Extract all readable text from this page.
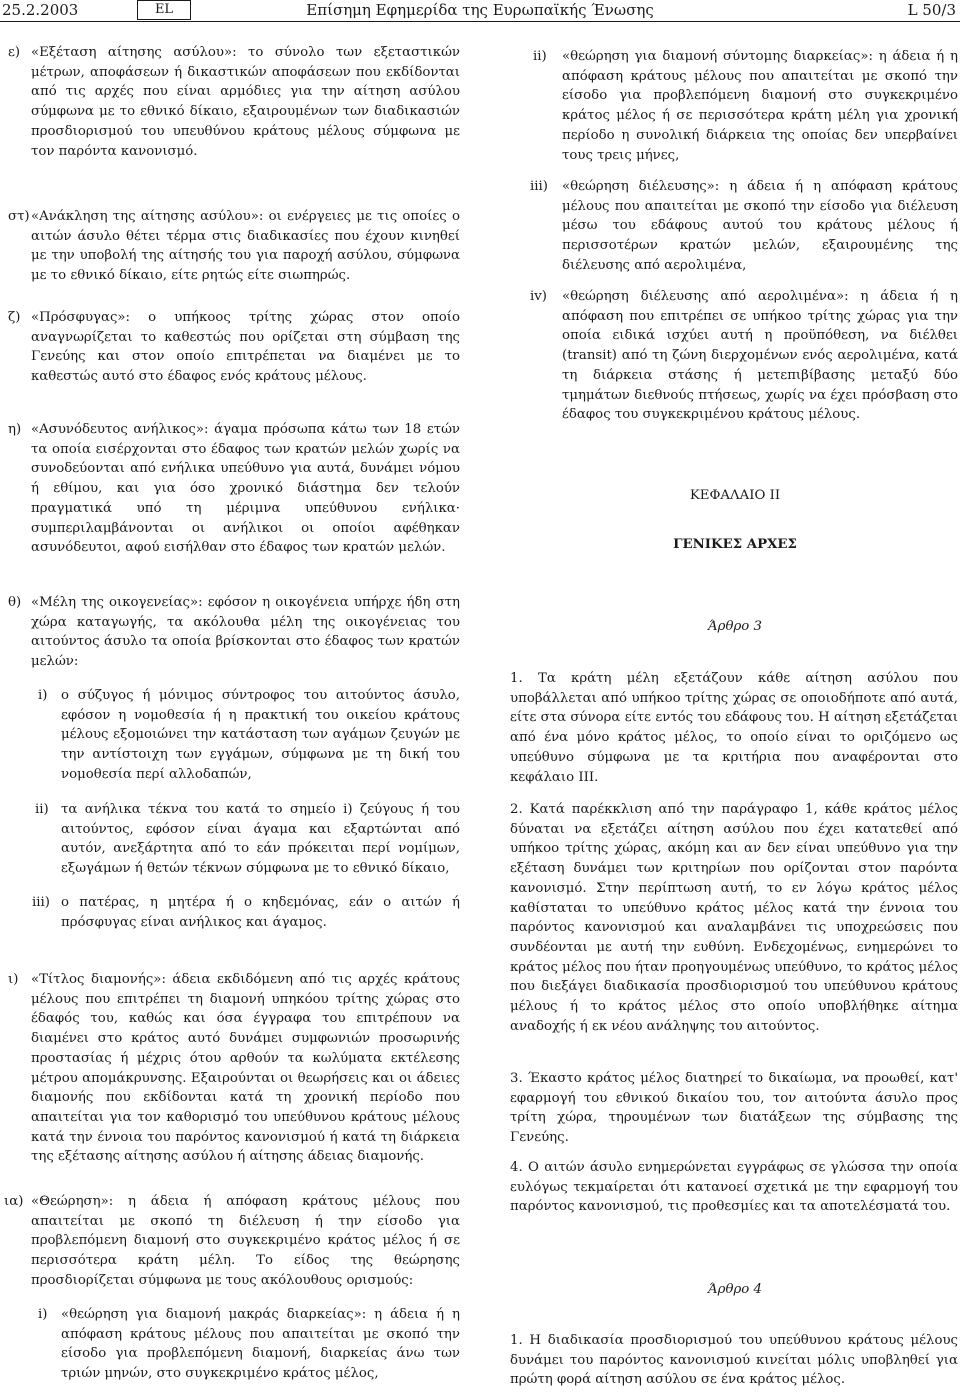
25.2.2003	EL	Επίσημη Εφημερίδα της Ευρωπαϊκής Ένωσης	L 50/3
ε) «Εξέταση αίτησης ασύλου»: το σύνολο των εξεταστικών μέτρων, αποφάσεων ή δικαστικών αποφάσεων που εκδίδονται από τις αρχές που είναι αρμόδιες για την αίτηση ασύλου σύμφωνα με το εθνικό δίκαιο, εξαιρουμένων των διαδικασιών προσδιορισμού του υπευθύνου κράτους μέλους σύμφωνα με τον παρόντα κανονισμό.

στ) «Ανάκληση της αίτησης ασύλου»: οι ενέργειες με τις οποίες ο αιτών άσυλο θέτει τέρμα στις διαδικασίες που έχουν κινηθεί με την υποβολή της αίτησής του για παροχή ασύλου, σύμφωνα με το εθνικό δίκαιο, είτε ρητώς είτε σιωπηρώς.

ζ) «Πρόσφυγας»: ο υπήκοος τρίτης χώρας στον οποίο αναγνωρίζεται το καθεστώς που ορίζεται στη σύμβαση της Γενεύης και στον οποίο επιτρέπεται να διαμένει με το καθεστώς αυτό στο έδαφος ενός κράτους μέλους.

η) «Ασυνόδευτος ανήλικος»: άγαμα πρόσωπα κάτω των 18 ετών τα οποία εισέρχονται στο έδαφος των κρατών μελών χωρίς να συνοδεύονται από ενήλικα υπεύθυνο για αυτά, δυνάμει νόμου ή εθίμου, και για όσο χρονικό διάστημα δεν τελούν πραγματικά υπό τη μέριμνα υπεύθυνου ενήλικα· συμπεριλαμβάνονται οι ανήλικοι οι οποίοι αφέθηκαν ασυνόδευτοι, αφού εισήλθαν στο έδαφος των κρατών μελών.

θ) «Μέλη της οικογενείας»: εφόσον η οικογένεια υπήρχε ήδη στη χώρα καταγωγής, τα ακόλουθα μέλη της οικογένειας του αιτούντος άσυλο τα οποία βρίσκονται στο έδαφος των κρατών μελών:

i) ο σύζυγος ή μόνιμος σύντροφος του αιτούντος άσυλο, εφόσον η νομοθεσία ή η πρακτική του οικείου κράτους μέλους εξομοιώνει την κατάσταση των αγάμων ζευγών με την αντίστοιχη των εγγάμων, σύμφωνα με τη δική του νομοθεσία περί αλλοδαπών,

ii) τα ανήλικα τέκνα του κατά το σημείο i) ζεύγους ή του αιτούντος, εφόσον είναι άγαμα και εξαρτώνται από αυτόν, ανεξάρτητα από το εάν πρόκειται περί νομίμων, εξωγάμων ή θετών τέκνων σύμφωνα με το εθνικό δίκαιο,

iii) ο πατέρας, η μητέρα ή ο κηδεμόνας, εάν ο αιτών ή πρόσφυγας είναι ανήλικος και άγαμος.

ι) «Τίτλος διαμονής»: άδεια εκδιδόμενη από τις αρχές κράτους μέλους που επιτρέπει τη διαμονή υπηκόου τρίτης χώρας στο έδαφός του, καθώς και όσα έγγραφα του επιτρέπουν να διαμένει στο κράτος αυτό δυνάμει συμφωνιών προσωρινής προστασίας ή μέχρις ότου αρθούν τα κωλύματα εκτέλεσης μέτρου απομάκρυνσης. Εξαιρούνται οι θεωρήσεις και οι άδειες διαμονής που εκδίδονται κατά τη χρονική περίοδο που απαιτείται για τον καθορισμό του υπεύθυνου κράτους μέλους κατά την έννοια του παρόντος κανονισμού ή κατά τη διάρκεια της εξέτασης αίτησης ασύλου ή αίτησης άδειας διαμονής.

ια) «Θεώρηση»: η άδεια ή απόφαση κράτους μέλους που απαιτείται με σκοπό τη διέλευση ή την είσοδο για προβλεπόμενη διαμονή στο συγκεκριμένο κράτος μέλος ή σε περισσότερα κράτη μέλη. Το είδος της θεώρησης προσδιορίζεται σύμφωνα με τους ακόλουθους ορισμούς:

i) «θεώρηση για διαμονή μακράς διαρκείας»: η άδεια ή η απόφαση κράτους μέλους που απαιτείται με σκοπό την είσοδο για προβλεπόμενη διαμονή, διαρκείας άνω των τριών μηνών, στο συγκεκριμένο κράτος μέλος,

ii) «θεώρηση για διαμονή σύντομης διαρκείας»: η άδεια ή η απόφαση κράτους μέλους που απαιτείται με σκοπό την είσοδο για προβλεπόμενη διαμονή στο συγκεκριμένο κράτος μέλος ή σε περισσότερα κράτη μέλη για χρονική περίοδο η συνολική διάρκεια της οποίας δεν υπερβαίνει τους τρεις μήνες,

iii) «θεώρηση διέλευσης»: η άδεια ή η απόφαση κράτους μέλους που απαιτείται με σκοπό την είσοδο για διέλευση μέσω του εδάφους αυτού του κράτους μέλους ή περισσοτέρων κρατών μελών, εξαιρουμένης της διέλευσης από αερολιμένα,

iv) «θεώρηση διέλευσης από αερολιμένα»: η άδεια ή η απόφαση που επιτρέπει σε υπήκοο τρίτης χώρας για την οποία ειδικά ισχύει αυτή η προϋπόθεση, να διέλθει (transit) από τη ζώνη διερχομένων ενός αερολιμένα, κατά τη διάρκεια στάσης ή μετεπιβίβασης μεταξύ δύο τμημάτων διεθνούς πτήσεως, χωρίς να έχει πρόσβαση στο έδαφος του συγκεκριμένου κράτους μέλους.

ΚΕΦΑΛΑΙΟ II

ΓΕΝΙΚΕΣ ΑΡΧΕΣ

Άρθρο 3

1. Τα κράτη μέλη εξετάζουν κάθε αίτηση ασύλου που υποβάλλεται από υπήκοο τρίτης χώρας σε οποιοδήποτε από αυτά, είτε στα σύνορα είτε εντός του εδάφους του. Η αίτηση εξετάζεται από ένα μόνο κράτος μέλος, το οποίο είναι το οριζόμενο ως υπεύθυνο σύμφωνα με τα κριτήρια που αναφέρονται στο κεφάλαιο III.

2. Κατά παρέκκλιση από την παράγραφο 1, κάθε κράτος μέλος δύναται να εξετάζει αίτηση ασύλου που έχει κατατεθεί από υπήκοο τρίτης χώρας, ακόμη και αν δεν είναι υπεύθυνο για την εξέταση δυνάμει των κριτηρίων που ορίζονται στον παρόντα κανονισμό. Στην περίπτωση αυτή, το εν λόγω κράτος μέλος καθίσταται το υπεύθυνο κράτος μέλος κατά την έννοια του παρόντος κανονισμού και αναλαμβάνει τις υποχρεώσεις που συνδέονται με αυτή την ευθύνη. Ενδεχομένως, ενημερώνει το κράτος μέλος που ήταν προηγουμένως υπεύθυνο, το κράτος μέλος που διεξάγει διαδικασία προσδιορισμού του υπεύθυνου κράτους μέλους ή το κράτος μέλος στο οποίο υποβλήθηκε αίτημα αναδοχής ή εκ νέου ανάληψης του αιτούντος.

3. Έκαστο κράτος μέλος διατηρεί το δικαίωμα, να προωθεί, κατ' εφαρμογή του εθνικού δικαίου του, τον αιτούντα άσυλο προς τρίτη χώρα, τηρουμένων των διατάξεων της σύμβασης της Γενεύης.

4. Ο αιτών άσυλο ενημερώνεται εγγράφως σε γλώσσα την οποία ευλόγως τεκμαίρεται ότι κατανοεί σχετικά με την εφαρμογή του παρόντος κανονισμού, τις προθεσμίες και τα αποτελέσματά του.

Άρθρο 4

1. Η διαδικασία προσδιορισμού του υπεύθυνου κράτους μέλους δυνάμει του παρόντος κανονισμού κινείται μόλις υποβληθεί για πρώτη φορά αίτηση ασύλου σε ένα κράτος μέλος.
